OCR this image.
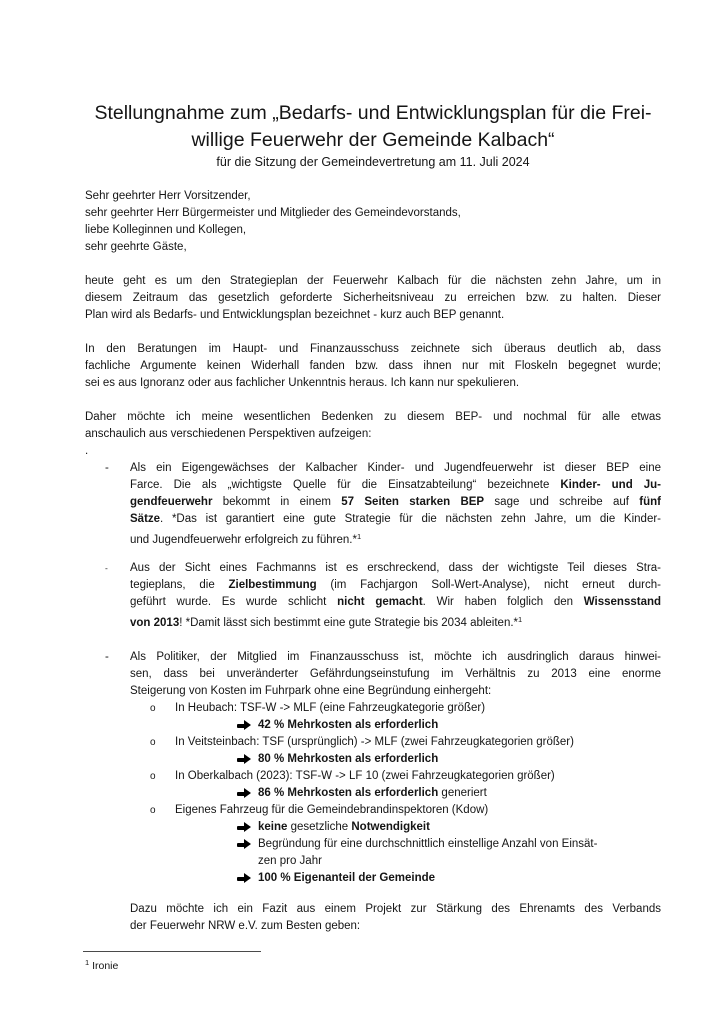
Stellungnahme zum „Bedarfs- und Entwicklungsplan für die Frei-
willige Feuerwehr der Gemeinde Kalbach“
für die Sitzung der Gemeindevertretung am 11. Juli 2024
Sehr geehrter Herr Vorsitzender,
sehr geehrter Herr Bürgermeister und Mitglieder des Gemeindevorstands,
liebe Kolleginnen und Kollegen,
sehr geehrte Gäste,
heute geht es um den Strategieplan der Feuerwehr Kalbach für die nächsten zehn Jahre, um in
diesem Zeitraum das gesetzlich geforderte Sicherheitsniveau zu erreichen bzw. zu halten. Dieser
Plan wird als Bedarfs- und Entwicklungsplan bezeichnet - kurz auch BEP genannt.
In den Beratungen im Haupt- und Finanzausschuss zeichnete sich überaus deutlich ab, dass
fachliche Argumente keinen Widerhall fanden bzw. dass ihnen nur mit Floskeln begegnet wurde;
sei es aus Ignoranz oder aus fachlicher Unkenntnis heraus. Ich kann nur spekulieren.
Daher möchte ich meine wesentlichen Bedenken zu diesem BEP- und nochmal für alle etwas
anschaulich aus verschiedenen Perspektiven aufzeigen:
.
- Als ein Eigengewächses der Kalbacher Kinder- und Jugendfeuerwehr ist dieser BEP eine
Farce. Die als „wichtigste Quelle für die Einsatzabteilung“ bezeichnete Kinder- und Ju-
gendfeuerwehr bekommt in einem 57 Seiten starken BEP sage und schreibe auf fünf
Sätze. *Das ist garantiert eine gute Strategie für die nächsten zehn Jahre, um die Kinder-
und Jugendfeuerwehr erfolgreich zu führen.*$^1$
- Aus der Sicht eines Fachmanns ist es erschreckend, dass der wichtigste Teil dieses Stra-
tegieplans, die Zielbestimmung (im Fachjargon Soll-Wert-Analyse), nicht erneut durch-
geführt wurde. Es wurde schlicht nicht gemacht. Wir haben folglich den Wissensstand
von 2013! *Damit lässt sich bestimmt eine gute Strategie bis 2034 ableiten.*$^1$
- Als Politiker, der Mitglied im Finanzausschuss ist, möchte ich ausdringlich daraus hinwei-
sen, dass bei unveränderter Gefährdungseinstufung im Verhältnis zu 2013 eine enorme
Steigerung von Kosten im Fuhrpark ohne eine Begründung einhergeht:
o In Heubach: TSF-W -> MLF (eine Fahrzeugkategorie größer)
42 % Mehrkosten als erforderlich
o In Veitsteinbach: TSF (ursprünglich) -> MLF (zwei Fahrzeugkategorien größer)
80 % Mehrkosten als erforderlich
o In Oberkalbach (2023): TSF-W -> LF 10 (zwei Fahrzeugkategorien größer)
86 % Mehrkosten als erforderlich generiert
o Eigenes Fahrzeug für die Gemeindebrandinspektoren (Kdow)
keine gesetzliche Notwendigkeit
Begründung für eine durchschnittlich einstellige Anzahl von Einsät-
zen pro Jahr
100 % Eigenanteil der Gemeinde
Dazu möchte ich ein Fazit aus einem Projekt zur Stärkung des Ehrenamts des Verbands
der Feuerwehr NRW e.V. zum Besten geben:
$^1$ Ironie
